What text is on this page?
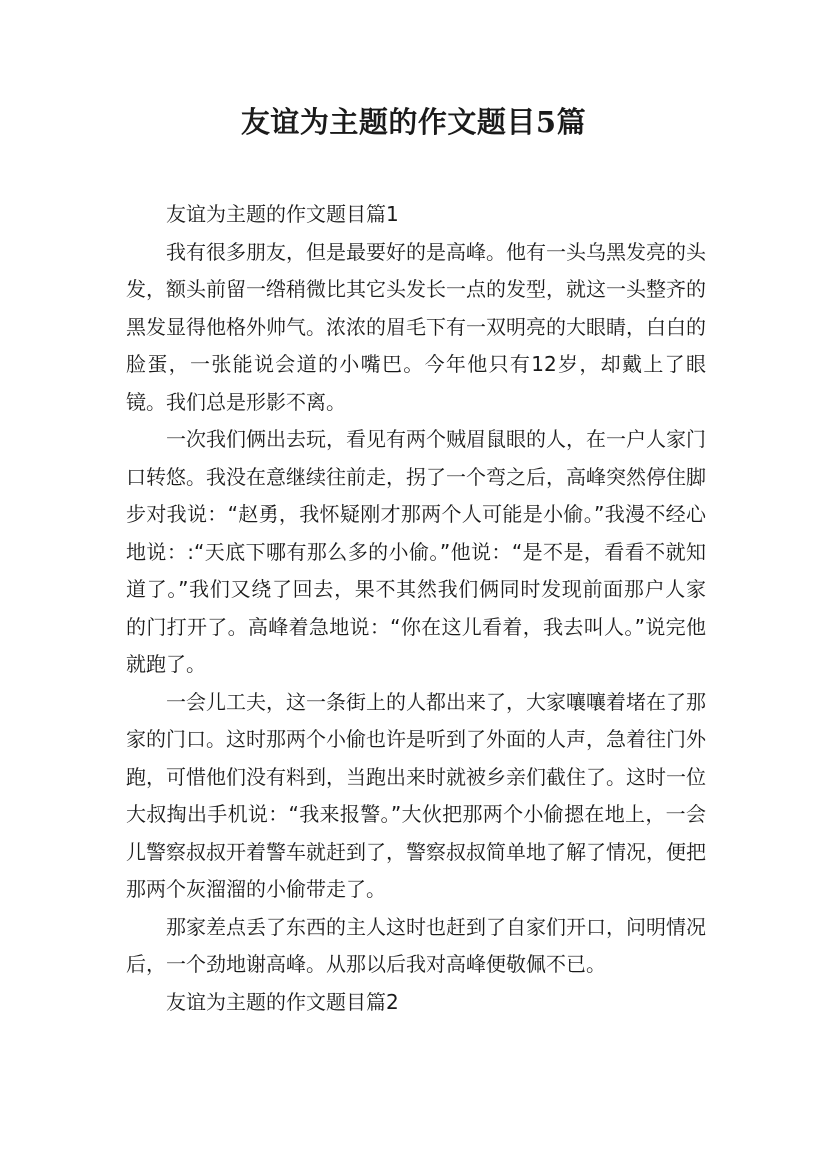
友谊为主题的作文题目5篇

友谊为主题的作文题目篇1

我有很多朋友，但是最要好的是高峰。他有一头乌黑发亮的头发，额头前留一绺稍微比其它头发长一点的发型，就这一头整齐的黑发显得他格外帅气。浓浓的眉毛下有一双明亮的大眼睛，白白的脸蛋，一张能说会道的小嘴巴。今年他只有12岁，却戴上了眼镜。我们总是形影不离。

一次我们俩出去玩，看见有两个贼眉鼠眼的人，在一户人家门口转悠。我没在意继续往前走，拐了一个弯之后，高峰突然停住脚步对我说：“赵勇，我怀疑刚才那两个人可能是小偷。”我漫不经心地说：:“天底下哪有那么多的小偷。”他说：“是不是，看看不就知道了。”我们又绕了回去，果不其然我们俩同时发现前面那户人家的门打开了。高峰着急地说：“你在这儿看着，我去叫人。”说完他就跑了。

一会儿工夫，这一条街上的人都出来了，大家嚷嚷着堵在了那家的门口。这时那两个小偷也许是听到了外面的人声，急着往门外跑，可惜他们没有料到，当跑出来时就被乡亲们截住了。这时一位大叔掏出手机说：“我来报警。”大伙把那两个小偷摁在地上，一会儿警察叔叔开着警车就赶到了，警察叔叔简单地了解了情况，便把那两个灰溜溜的小偷带走了。

那家差点丢了东西的主人这时也赶到了自家们开口，问明情况后，一个劲地谢高峰。从那以后我对高峰便敬佩不已。

友谊为主题的作文题目篇2
